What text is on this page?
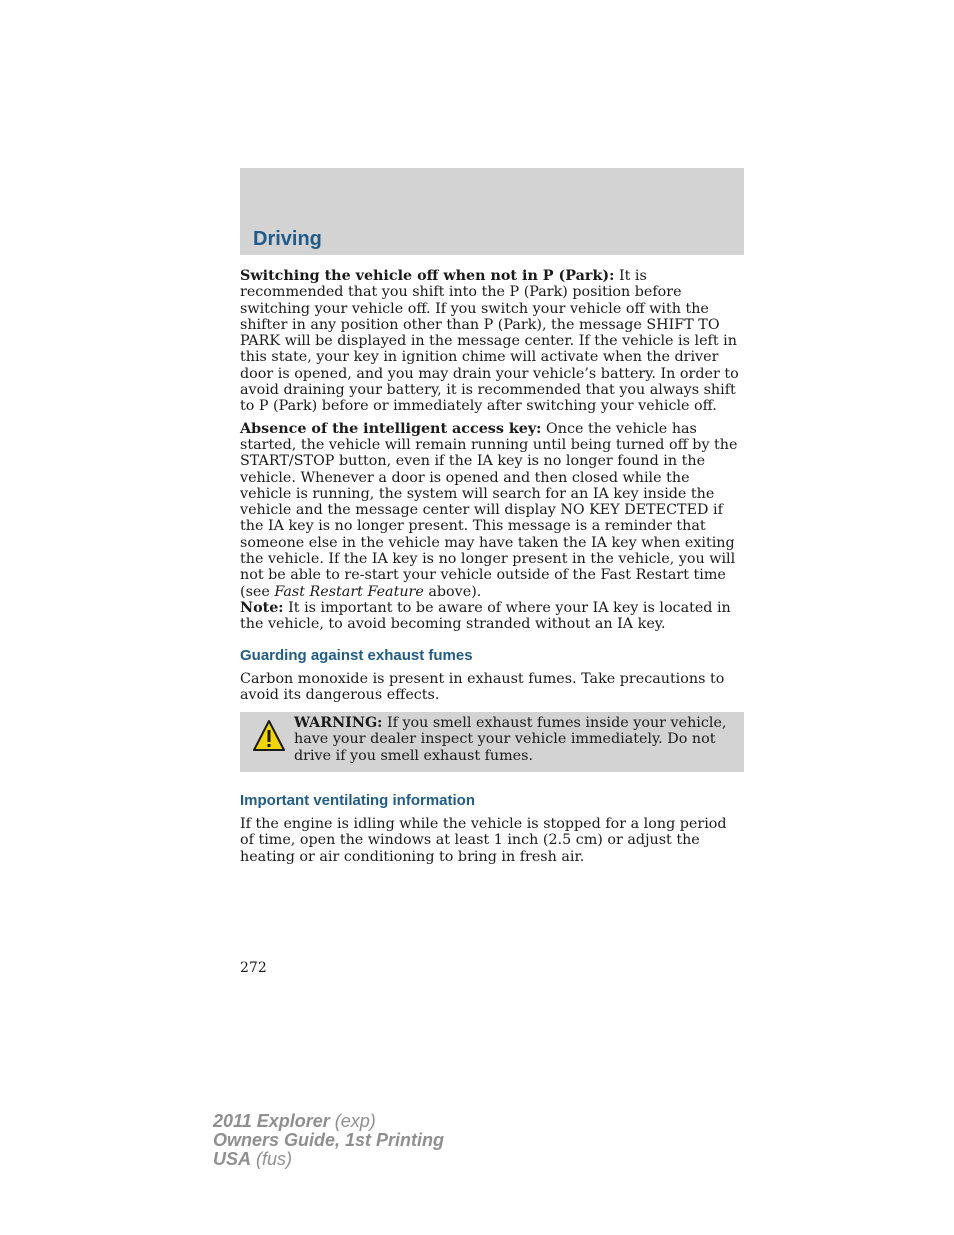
Driving

Switching the vehicle off when not in P (Park): It is recommended that you shift into the P (Park) position before switching your vehicle off. If you switch your vehicle off with the shifter in any position other than P (Park), the message SHIFT TO PARK will be displayed in the message center. If the vehicle is left in this state, your key in ignition chime will activate when the driver door is opened, and you may drain your vehicle’s battery. In order to avoid draining your battery, it is recommended that you always shift to P (Park) before or immediately after switching your vehicle off.

Absence of the intelligent access key: Once the vehicle has started, the vehicle will remain running until being turned off by the START/STOP button, even if the IA key is no longer found in the vehicle. Whenever a door is opened and then closed while the vehicle is running, the system will search for an IA key inside the vehicle and the message center will display NO KEY DETECTED if the IA key is no longer present. This message is a reminder that someone else in the vehicle may have taken the IA key when exiting the vehicle. If the IA key is no longer present in the vehicle, you will not be able to re-start your vehicle outside of the Fast Restart time (see Fast Restart Feature above).
Note: It is important to be aware of where your IA key is located in the vehicle, to avoid becoming stranded without an IA key.

Guarding against exhaust fumes

Carbon monoxide is present in exhaust fumes. Take precautions to avoid its dangerous effects.

WARNING: If you smell exhaust fumes inside your vehicle, have your dealer inspect your vehicle immediately. Do not drive if you smell exhaust fumes.
Important ventilating information

If the engine is idling while the vehicle is stopped for a long period of time, open the windows at least 1 inch (2.5 cm) or adjust the heating or air conditioning to bring in fresh air.

272
2011 Explorer (exp)
Owners Guide, 1st Printing
USA (fus)
